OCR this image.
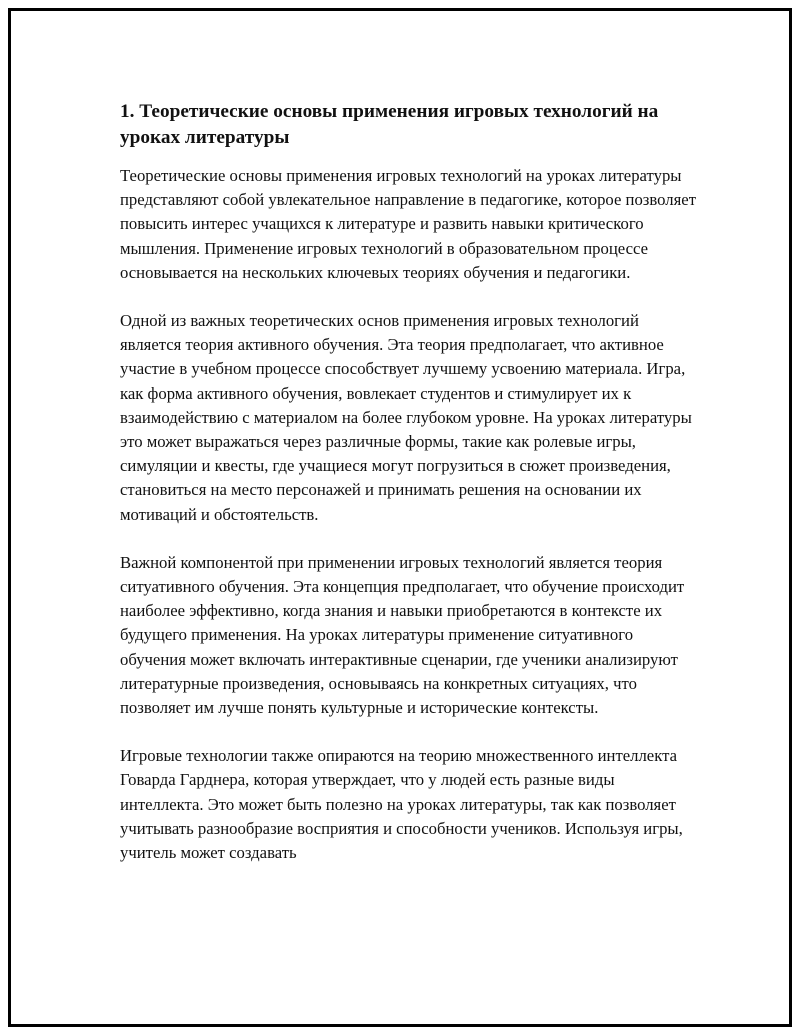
1. Теоретические основы применения игровых технологий на уроках литературы

Теоретические основы применения игровых технологий на уроках литературы представляют собой увлекательное направление в педагогике, которое позволяет повысить интерес учащихся к литературе и развить навыки критического мышления. Применение игровых технологий в образовательном процессе основывается на нескольких ключевых теориях обучения и педагогики.

Одной из важных теоретических основ применения игровых технологий является теория активного обучения. Эта теория предполагает, что активное участие в учебном процессе способствует лучшему усвоению материала. Игра, как форма активного обучения, вовлекает студентов и стимулирует их к взаимодействию с материалом на более глубоком уровне. На уроках литературы это может выражаться через различные формы, такие как ролевые игры, симуляции и квесты, где учащиеся могут погрузиться в сюжет произведения, становиться на место персонажей и принимать решения на основании их мотиваций и обстоятельств.

Важной компонентой при применении игровых технологий является теория ситуативного обучения. Эта концепция предполагает, что обучение происходит наиболее эффективно, когда знания и навыки приобретаются в контексте их будущего применения. На уроках литературы применение ситуативного обучения может включать интерактивные сценарии, где ученики анализируют литературные произведения, основываясь на конкретных ситуациях, что позволяет им лучше понять культурные и исторические контексты.

Игровые технологии также опираются на теорию множественного интеллекта Говарда Гарднера, которая утверждает, что у людей есть разные виды интеллекта. Это может быть полезно на уроках литературы, так как позволяет учитывать разнообразие восприятия и способности учеников. Используя игры, учитель может создавать
